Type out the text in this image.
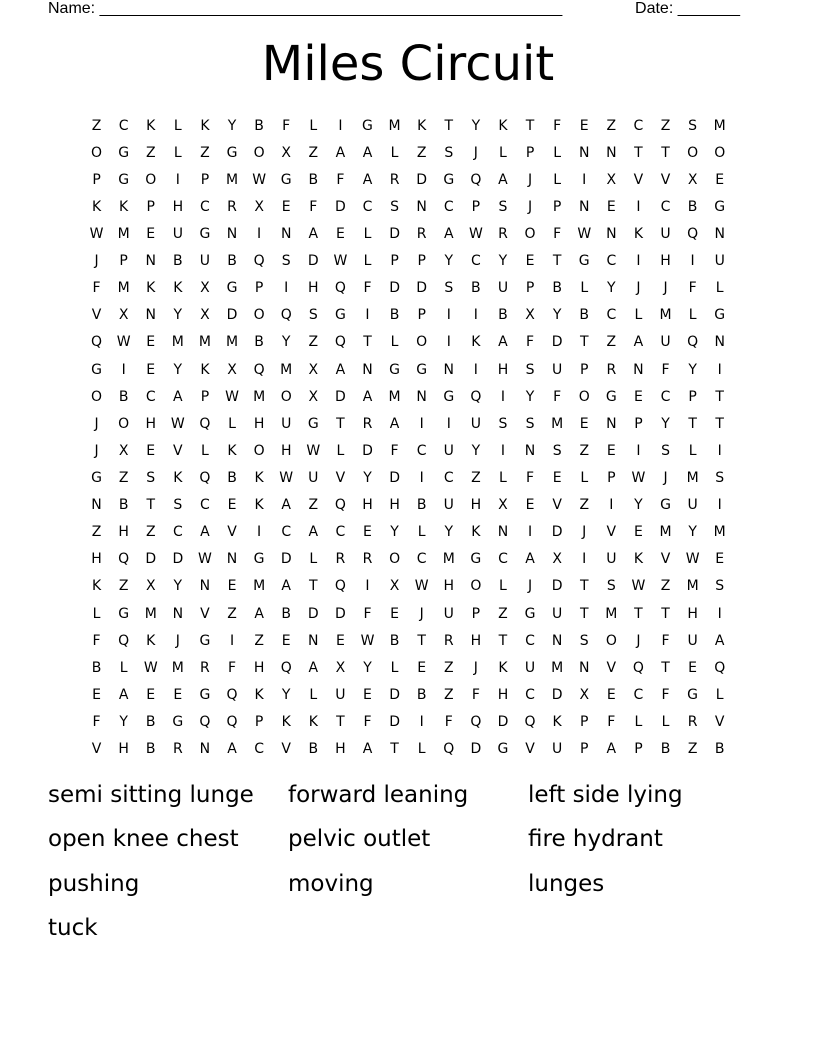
Name: ____________________________________________________	Date: _______
Miles Circuit
Z	C	K	L	K	Y	B	F	L	I	G	M	K	T	Y	K	T	F	E	Z	C	Z	S	M
O	G	Z	L	Z	G	O	X	Z	A	A	L	Z	S	J	L	P	L	N	N	T	T	O	O
P	G	O	I	P	M	W	G	B	F	A	R	D	G	Q	A	J	L	I	X	V	V	X	E
K	K	P	H	C	R	X	E	F	D	C	S	N	C	P	S	J	P	N	E	I	C	B	G
W	M	E	U	G	N	I	N	A	E	L	D	R	A	W	R	O	F	W	N	K	U	Q	N
J	P	N	B	U	B	Q	S	D	W	L	P	P	Y	C	Y	E	T	G	C	I	H	I	U
F	M	K	K	X	G	P	I	H	Q	F	D	D	S	B	U	P	B	L	Y	J	J	F	L
V	X	N	Y	X	D	O	Q	S	G	I	B	P	I	I	B	X	Y	B	C	L	M	L	G
Q	W	E	M	M	M	B	Y	Z	Q	T	L	O	I	K	A	F	D	T	Z	A	U	Q	N
G	I	E	Y	K	X	Q	M	X	A	N	G	G	N	I	H	S	U	P	R	N	F	Y	I
O	B	C	A	P	W	M	O	X	D	A	M	N	G	Q	I	Y	F	O	G	E	C	P	T
J	O	H	W	Q	L	H	U	G	T	R	A	I	I	U	S	S	M	E	N	P	Y	T	T
J	X	E	V	L	K	O	H	W	L	D	F	C	U	Y	I	N	S	Z	E	I	S	L	I
G	Z	S	K	Q	B	K	W	U	V	Y	D	I	C	Z	L	F	E	L	P	W	J	M	S
N	B	T	S	C	E	K	A	Z	Q	H	H	B	U	H	X	E	V	Z	I	Y	G	U	I
Z	H	Z	C	A	V	I	C	A	C	E	Y	L	Y	K	N	I	D	J	V	E	M	Y	M
H	Q	D	D	W	N	G	D	L	R	R	O	C	M	G	C	A	X	I	U	K	V	W	E
K	Z	X	Y	N	E	M	A	T	Q	I	X	W	H	O	L	J	D	T	S	W	Z	M	S
L	G	M	N	V	Z	A	B	D	D	F	E	J	U	P	Z	G	U	T	M	T	T	H	I
F	Q	K	J	G	I	Z	E	N	E	W	B	T	R	H	T	C	N	S	O	J	F	U	A
B	L	W	M	R	F	H	Q	A	X	Y	L	E	Z	J	K	U	M	N	V	Q	T	E	Q
E	A	E	E	G	Q	K	Y	L	U	E	D	B	Z	F	H	C	D	X	E	C	F	G	L
F	Y	B	G	Q	Q	P	K	K	T	F	D	I	F	Q	D	Q	K	P	F	L	L	R	V
V	H	B	R	N	A	C	V	B	H	A	T	L	Q	D	G	V	U	P	A	P	B	Z	B
semi sitting lunge	forward leaning	left side lying
open knee chest	pelvic outlet	fire hydrant
pushing	moving	lunges
tuck
